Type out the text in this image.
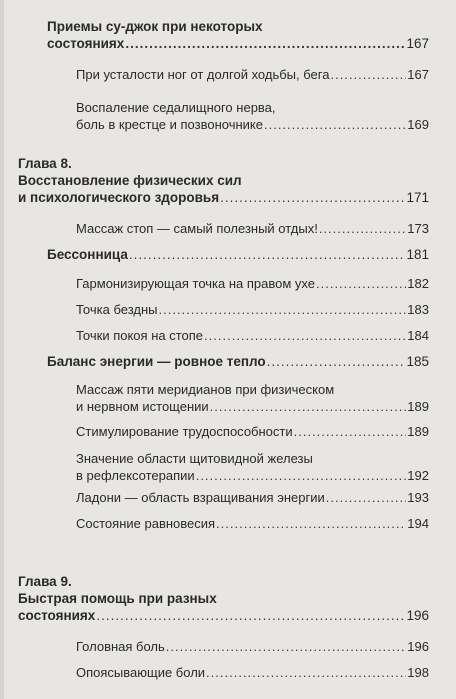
Приемы су-джок при некоторых
состояниях .....	167
При усталости ног от долгой ходьбы, бега .....	167
Воспаление седалищного нерва,
боль в крестце и позвоночнике .....	169
Глава 8.
Восстановление физических сил
и психологического здоровья .....	171
Массаж стоп — самый полезный отдых! .....	173
Бессонница .....	181
Гармонизирующая точка на правом ухе .....	182
Точка бездны .....	183
Точки покоя на стопе .....	184
Баланс энергии — ровное тепло .....	185
Массаж пяти меридианов при физическом
и нервном истощении .....	189
Стимулирование трудоспособности .....	189
Значение области щитовидной железы
в рефлексотерапии .....	192
Ладони — область взращивания энергии .....	193
Состояние равновесия .....	194
Глава 9.
Быстрая помощь при разных
состояниях .....	196
Головная боль .....	196
Опоясывающие боли .....	198
